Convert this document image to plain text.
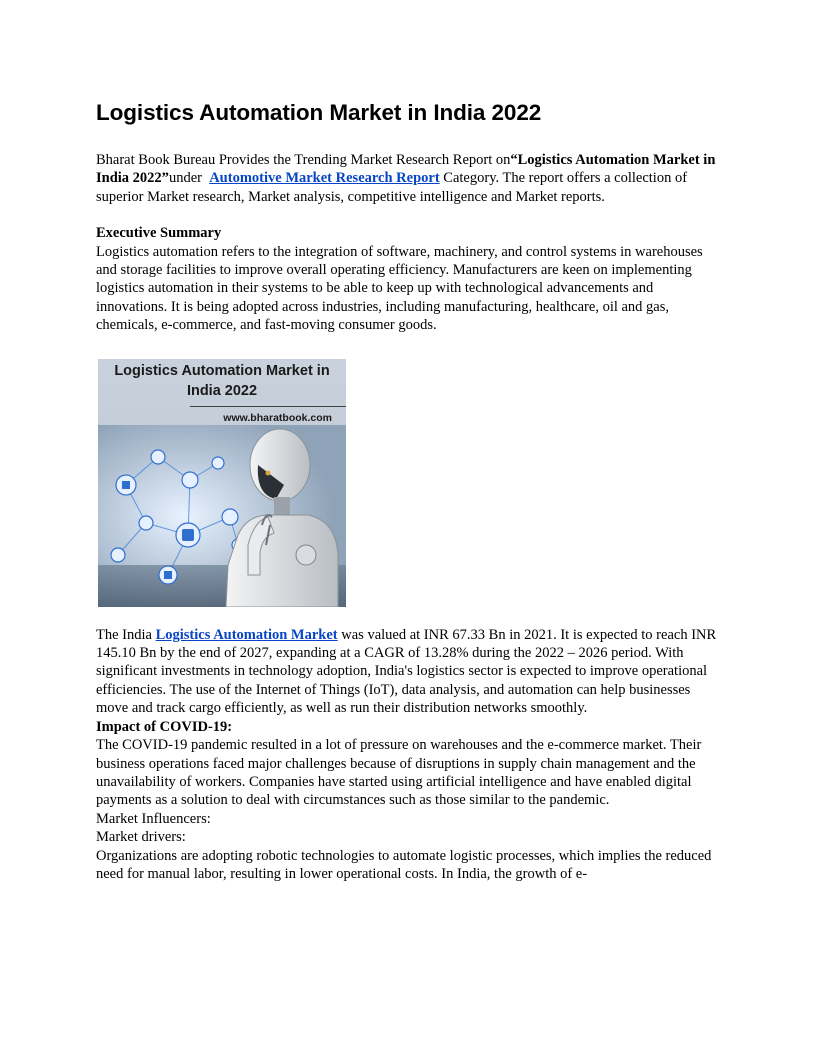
Logistics Automation Market in India 2022

Bharat Book Bureau Provides the Trending Market Research Report on“Logistics Automation Market in India 2022”under  Automotive Market Research Report Category. The report offers a collection of superior Market research, Market analysis, competitive intelligence and Market reports.

Executive Summary

Logistics automation refers to the integration of software, machinery, and control systems in warehouses and storage facilities to improve overall operating efficiency. Manufacturers are keen on implementing logistics automation in their systems to be able to keep up with technological advancements and innovations. It is being adopted across industries, including manufacturing, healthcare, oil and gas, chemicals, e-commerce, and fast-moving consumer goods.

Logistics Automation Market in
India 2022
www.bharatbook.com

The India Logistics Automation Market was valued at INR 67.33 Bn in 2021. It is expected to reach INR 145.10 Bn by the end of 2027, expanding at a CAGR of 13.28% during the 2022 – 2026 period. With significant investments in technology adoption, India's logistics sector is expected to improve operational efficiencies. The use of the Internet of Things (IoT), data analysis, and automation can help businesses move and track cargo efficiently, as well as run their distribution networks smoothly.

Impact of COVID-19:

The COVID-19 pandemic resulted in a lot of pressure on warehouses and the e-commerce market. Their business operations faced major challenges because of disruptions in supply chain management and the unavailability of workers. Companies have started using artificial intelligence and have enabled digital payments as a solution to deal with circumstances such as those similar to the pandemic.

Market Influencers:

Market drivers:

Organizations are adopting robotic technologies to automate logistic processes, which implies the reduced need for manual labor, resulting in lower operational costs. In India, the growth of e-
